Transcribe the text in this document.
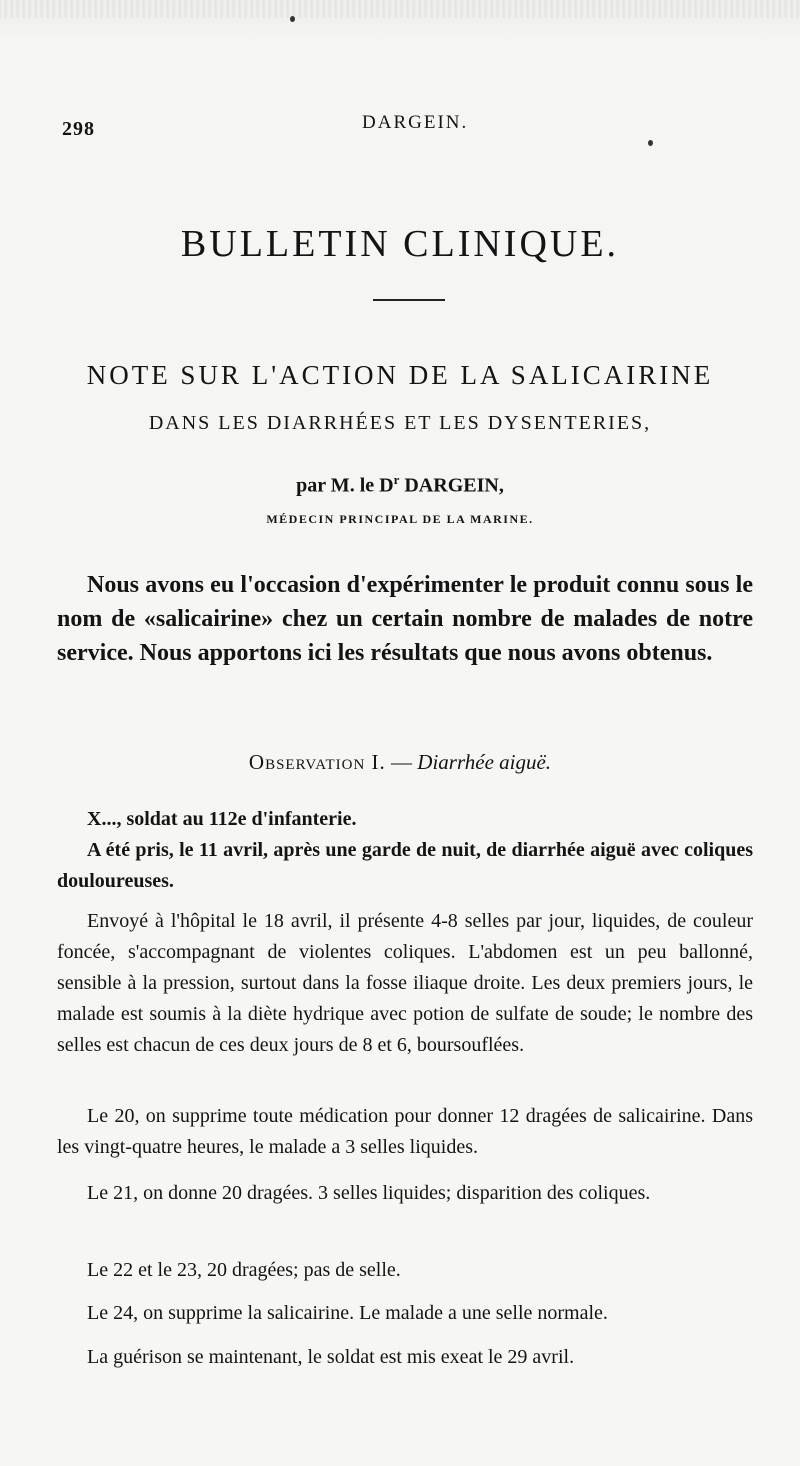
298	DARGEIN.
BULLETIN CLINIQUE.
NOTE SUR L'ACTION DE LA SALICAIRINE
DANS LES DIARRHÉES ET LES DYSENTERIES,
par M. le $D^r$ DARGEIN,
MÉDECIN PRINCIPAL DE LA MARINE.
Nous avons eu l'occasion d'expérimenter le produit connu sous le nom de «salicairine» chez un certain nombre de malades de notre service. Nous apportons ici les résultats que nous avons obtenus.
Observation I. — Diarrhée aiguë.

X..., soldat au 112e d'infanterie.

A été pris, le 11 avril, après une garde de nuit, de diarrhée aiguë avec coliques douloureuses.

Envoyé à l'hôpital le 18 avril, il présente 4-8 selles par jour, liquides, de couleur foncée, s'accompagnant de violentes coliques. L'abdomen est un peu ballonné, sensible à la pression, surtout dans la fosse iliaque droite. Les deux premiers jours, le malade est soumis à la diète hydrique avec potion de sulfate de soude; le nombre des selles est chacun de ces deux jours de 8 et 6, boursouflées.

Le 20, on supprime toute médication pour donner 12 dragées de salicairine. Dans les vingt-quatre heures, le malade a 3 selles liquides.

Le 21, on donne 20 dragées. 3 selles liquides; disparition des coliques.

Le 22 et le 23, 20 dragées; pas de selle.

Le 24, on supprime la salicairine. Le malade a une selle normale.

La guérison se maintenant, le soldat est mis exeat le 29 avril.
